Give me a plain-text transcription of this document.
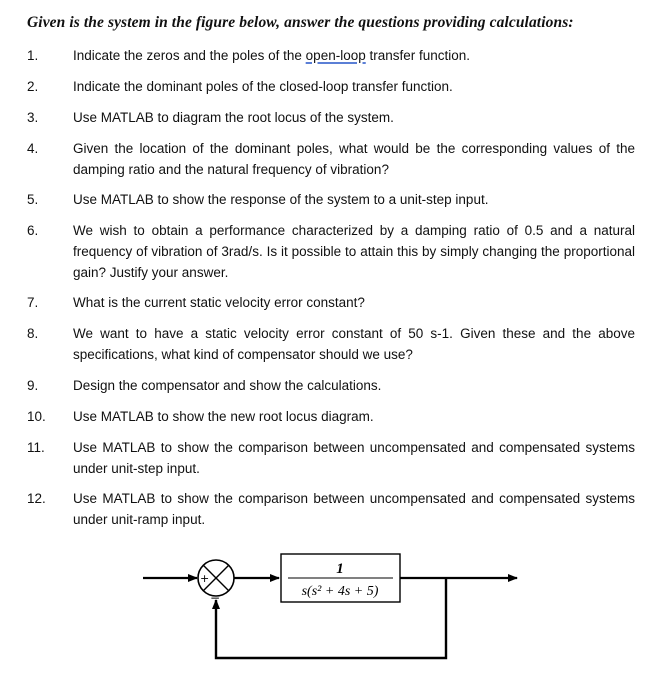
Given is the system in the figure below, answer the questions providing calculations:
1.	Indicate the zeros and the poles of the open-loop transfer function.
2.	Indicate the dominant poles of the closed-loop transfer function.
3.	Use MATLAB to diagram the root locus of the system.
4.	Given the location of the dominant poles, what would be the corresponding values of the damping ratio and the natural frequency of vibration?
5.	Use MATLAB to show the response of the system to a unit-step input.
6.	We wish to obtain a performance characterized by a damping ratio of 0.5 and a natural frequency of vibration of 3rad/s. Is it possible to attain this by simply changing the proportional gain? Justify your answer.
7.	What is the current static velocity error constant?
8.	We want to have a static velocity error constant of 50 s-1. Given these and the above specifications, what kind of compensator should we use?
9.	Design the compensator and show the calculations.
10.	Use MATLAB to show the new root locus diagram.
11.	Use MATLAB to show the comparison between uncompensated and compensated systems under unit-step input.
12.	Use MATLAB to show the comparison between uncompensated and compensated systems under unit-ramp input.
+
−
1
s(s² + 4s + 5)
